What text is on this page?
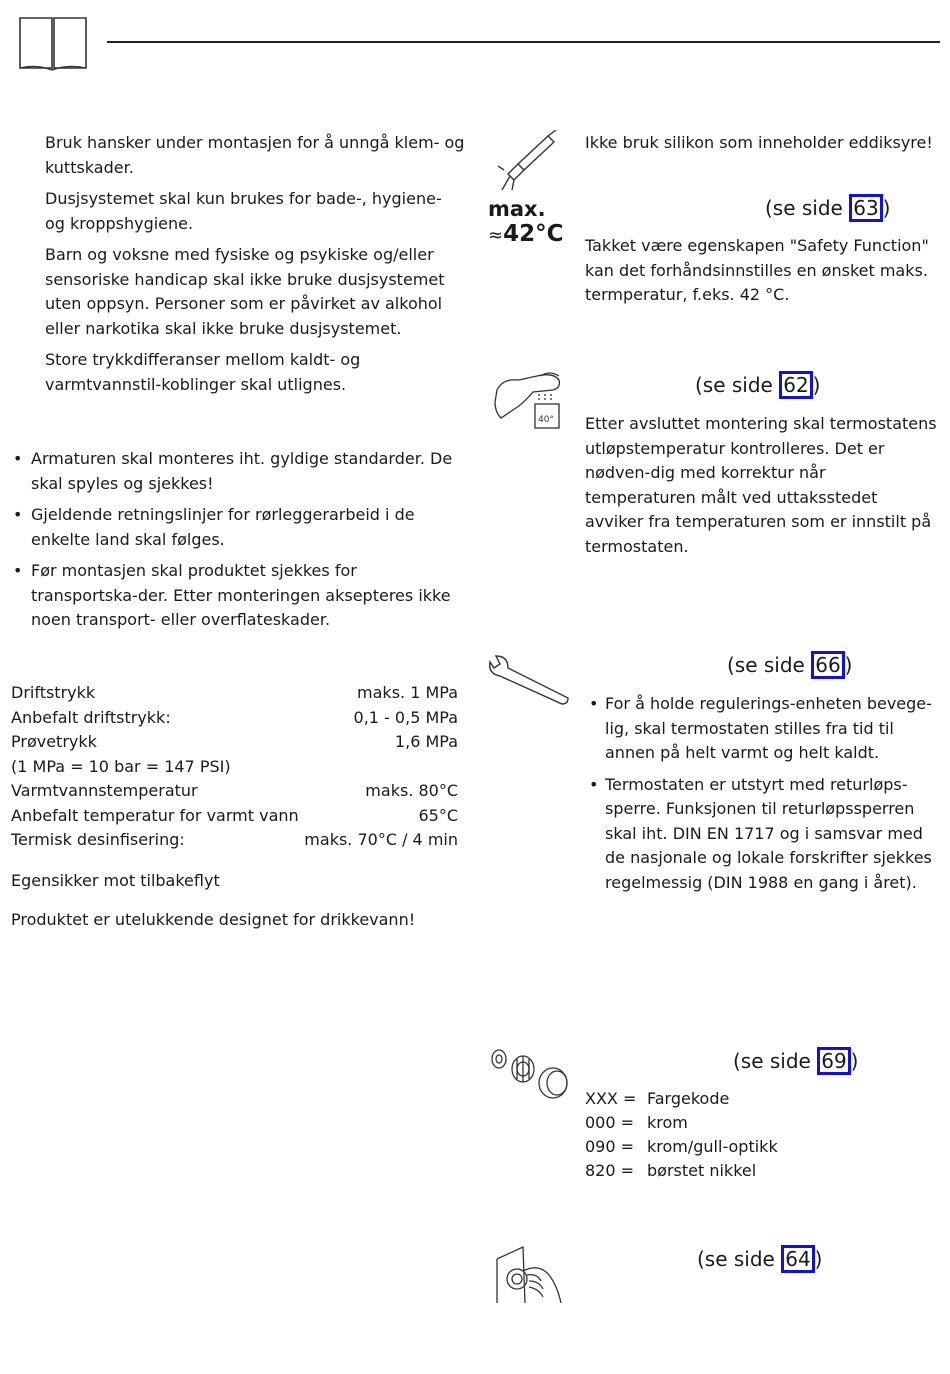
Bruk hansker under montasjen for å unngå klem- og kuttskader.

Dusjsystemet skal kun brukes for bade-, hygiene- og kroppshygienе.

Barn og voksne med fysiske og psykiske og/eller sensoriske handicap skal ikke bruke dusjsystemet uten oppsyn. Personer som er påvirket av alkohol eller narkotika skal ikke bruke dusjsystemet.

Store trykkdifferanser mellom kaldt- og varmtvannstil-koblinger skal utlignes.

• Armaturen skal monteres iht. gyldige standarder. De skal spyles og sjekkes!
• Gjeldende retningslinjer for rørleggerarbeid i de enkelte land skal følges.
• Før montasjen skal produktet sjekkes for transportska-der. Etter monteringen aksepteres ikke noen transport- eller overflateskader.
Driftstrykk	maks. 1 MPa
Anbefalt driftstrykk:	0,1 - 0,5 MPa
Prøvetrykk	1,6 MPa
(1 MPa = 10 bar = 147 PSI)
Varmtvannstemperatur	maks. 80°C
Anbefalt temperatur for varmt vann	65°C
Termisk desinfisering:	maks. 70°C / 4 min
Egensikker mot tilbakeflyt
Produktet er utelukkende designet for drikkevann!
Ikke bruk silikon som inneholder eddiksyre!
max.
≈42°C
(se side 63 )
Takket være egenskapen "Safety Function" kan det forhåndsinnstilles en ønsket maks. termperatur, f.eks. 42 °C.
40°
(se side 62 )
Etter avsluttet montering skal termostatens utløpstemperatur kontrolleres. Det er nødven-dig med korrektur når temperaturen målt ved uttaksstedet avviker fra temperaturen som er innstilt på termostaten.
(se side 66 )
• For å holde regulerings-enheten bevege-lig, skal termostaten stilles fra tid til annen på helt varmt og helt kaldt.
• Termostaten er utstyrt med returløps-sperre. Funksjonen til returløpssperren skal iht. DIN EN 1717 og i samsvar med de nasjonale og lokale forskrifter sjekkes regelmessig (DIN 1988 en gang i året).
(se side 69 )
XXX = Fargekode
000 = krom
090 = krom/gull-optikk
820 = børstet nikkel
(se side 64 )
